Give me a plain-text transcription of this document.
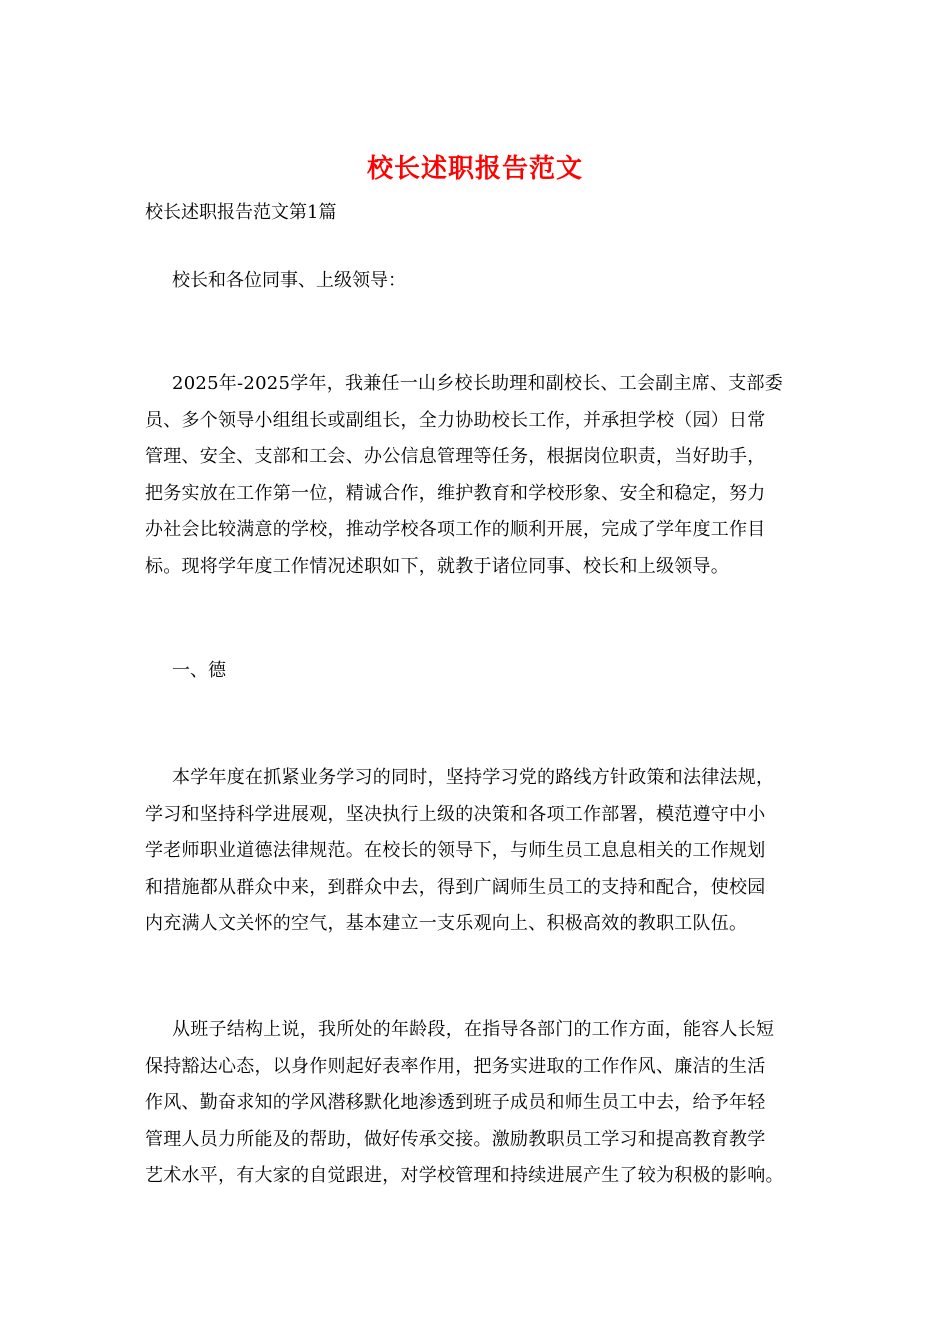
校长述职报告范文
校长述职报告范文第1篇
校长和各位同事、上级领导：
2025年-2025学年，我兼任一山乡校长助理和副校长、工会副主席、支部委
员、多个领导小组组长或副组长，全力协助校长工作，并承担学校（园）日常
管理、安全、支部和工会、办公信息管理等任务，根据岗位职责，当好助手，
把务实放在工作第一位，精诚合作，维护教育和学校形象、安全和稳定，努力
办社会比较满意的学校，推动学校各项工作的顺利开展，完成了学年度工作目
标。现将学年度工作情况述职如下，就教于诸位同事、校长和上级领导。
一、德
本学年度在抓紧业务学习的同时，坚持学习党的路线方针政策和法律法规，
学习和坚持科学进展观，坚决执行上级的决策和各项工作部署，模范遵守中小
学老师职业道德法律规范。在校长的领导下，与师生员工息息相关的工作规划
和措施都从群众中来，到群众中去，得到广阔师生员工的支持和配合，使校园
内充满人文关怀的空气，基本建立一支乐观向上、积极高效的教职工队伍。
从班子结构上说，我所处的年龄段，在指导各部门的工作方面，能容人长短
保持豁达心态，以身作则起好表率作用，把务实进取的工作作风、廉洁的生活
作风、勤奋求知的学风潜移默化地渗透到班子成员和师生员工中去，给予年轻
管理人员力所能及的帮助，做好传承交接。激励教职员工学习和提高教育教学
艺术水平，有大家的自觉跟进，对学校管理和持续进展产生了较为积极的影响。
